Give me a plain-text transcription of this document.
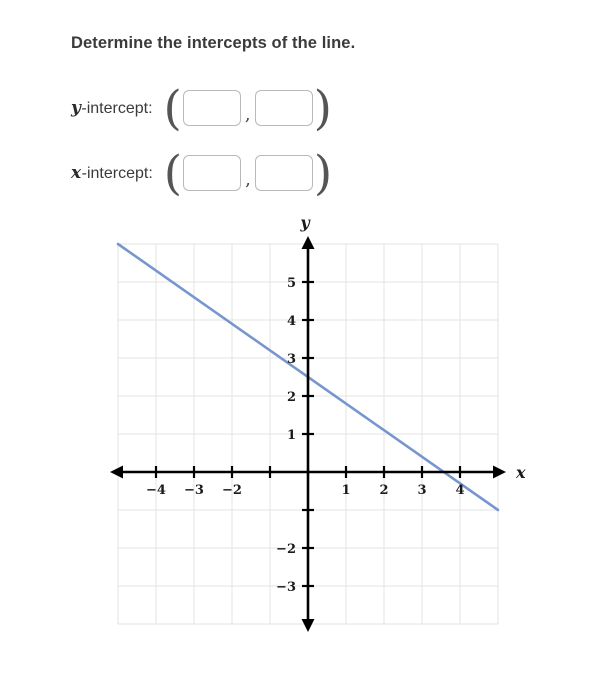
Determine the intercepts of the line.
y -intercept: (	, )
x -intercept: (	, )
−4 −3 −2	1 2 3 4
5
4
3
2
1
−2
−3
y
x
